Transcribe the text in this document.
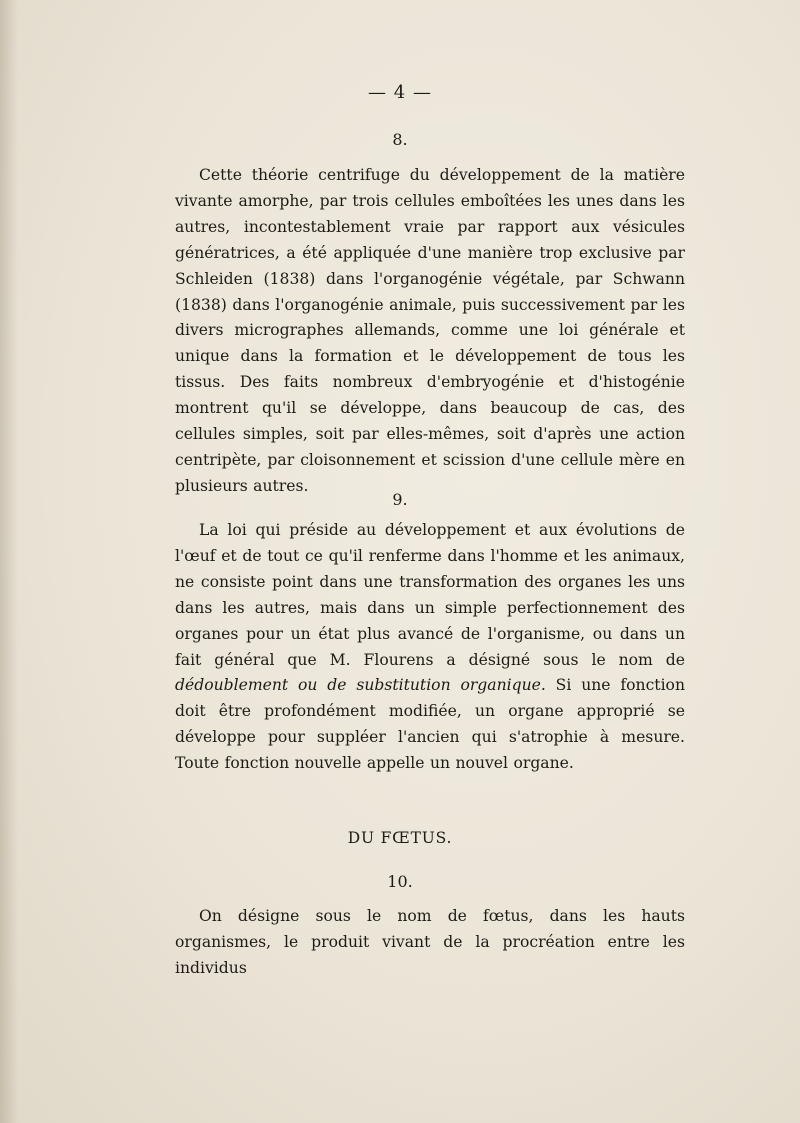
— 4 —
8.
Cette théorie centrifuge du développement de la matière vivante amorphe, par trois cellules emboîtées les unes dans les autres, incontestablement vraie par rapport aux vésicules génératrices, a été appliquée d'une manière trop exclusive par Schleiden (1838) dans l'organogénie végétale, par Schwann (1838) dans l'organogénie animale, puis successivement par les divers micrographes allemands, comme une loi générale et unique dans la formation et le développement de tous les tissus. Des faits nombreux d'embryogénie et d'histogénie montrent qu'il se développe, dans beaucoup de cas, des cellules simples, soit par elles-mêmes, soit d'après une action centripète, par cloisonnement et scission d'une cellule mère en plusieurs autres.
9.
La loi qui préside au développement et aux évolutions de l'œuf et de tout ce qu'il renferme dans l'homme et les animaux, ne consiste point dans une transformation des organes les uns dans les autres, mais dans un simple perfectionnement des organes pour un état plus avancé de l'organisme, ou dans un fait général que M. Flourens a désigné sous le nom de dédoublement ou de substitution organique. Si une fonction doit être profondément modifiée, un organe approprié se développe pour suppléer l'ancien qui s'atrophie à mesure. Toute fonction nouvelle appelle un nouvel organe.
DU FŒTUS.
10.
On désigne sous le nom de fœtus, dans les hauts organismes, le produit vivant de la procréation entre les individus
